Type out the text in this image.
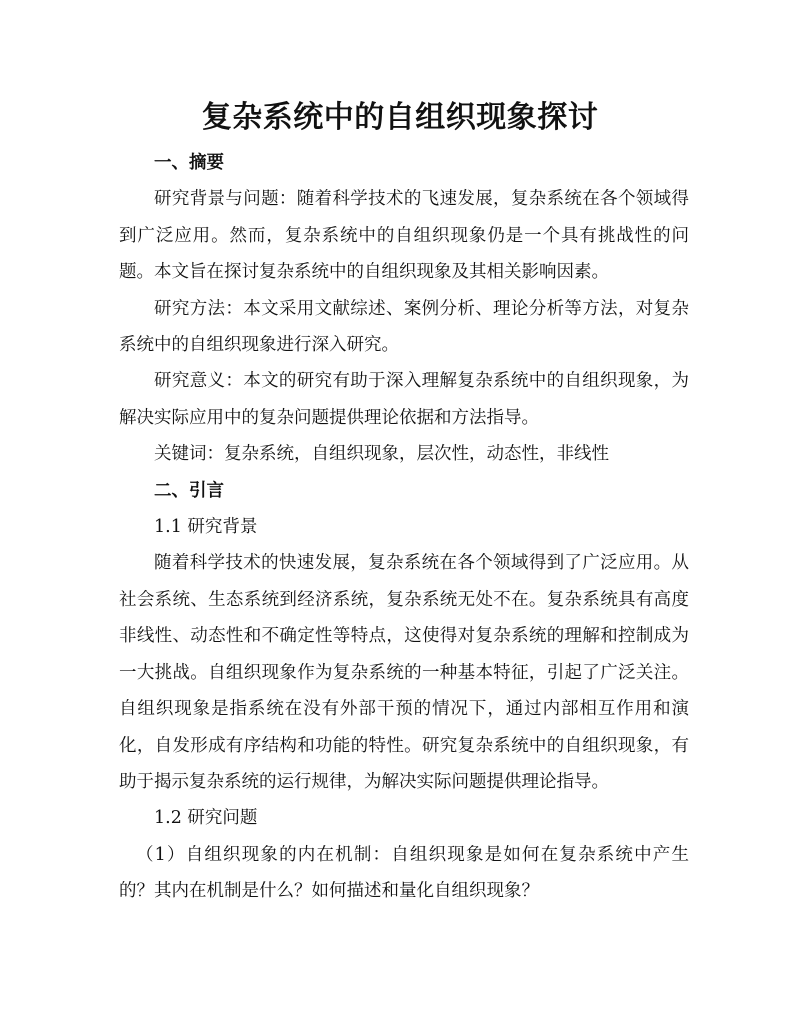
复杂系统中的自组织现象探讨
一、摘要

研究背景与问题：随着科学技术的飞速发展，复杂系统在各个领域得到广泛应用。然而，复杂系统中的自组织现象仍是一个具有挑战性的问题。本文旨在探讨复杂系统中的自组织现象及其相关影响因素。

研究方法：本文采用文献综述、案例分析、理论分析等方法，对复杂系统中的自组织现象进行深入研究。

研究意义：本文的研究有助于深入理解复杂系统中的自组织现象，为解决实际应用中的复杂问题提供理论依据和方法指导。

关键词：复杂系统，自组织现象，层次性，动态性，非线性

二、引言

1.1 研究背景

随着科学技术的快速发展，复杂系统在各个领域得到了广泛应用。从社会系统、生态系统到经济系统，复杂系统无处不在。复杂系统具有高度非线性、动态性和不确定性等特点，这使得对复杂系统的理解和控制成为一大挑战。自组织现象作为复杂系统的一种基本特征，引起了广泛关注。自组织现象是指系统在没有外部干预的情况下，通过内部相互作用和演化，自发形成有序结构和功能的特性。研究复杂系统中的自组织现象，有助于揭示复杂系统的运行规律，为解决实际问题提供理论指导。

1.2 研究问题

（1）自组织现象的内在机制：自组织现象是如何在复杂系统中产生的？其内在机制是什么？如何描述和量化自组织现象？
